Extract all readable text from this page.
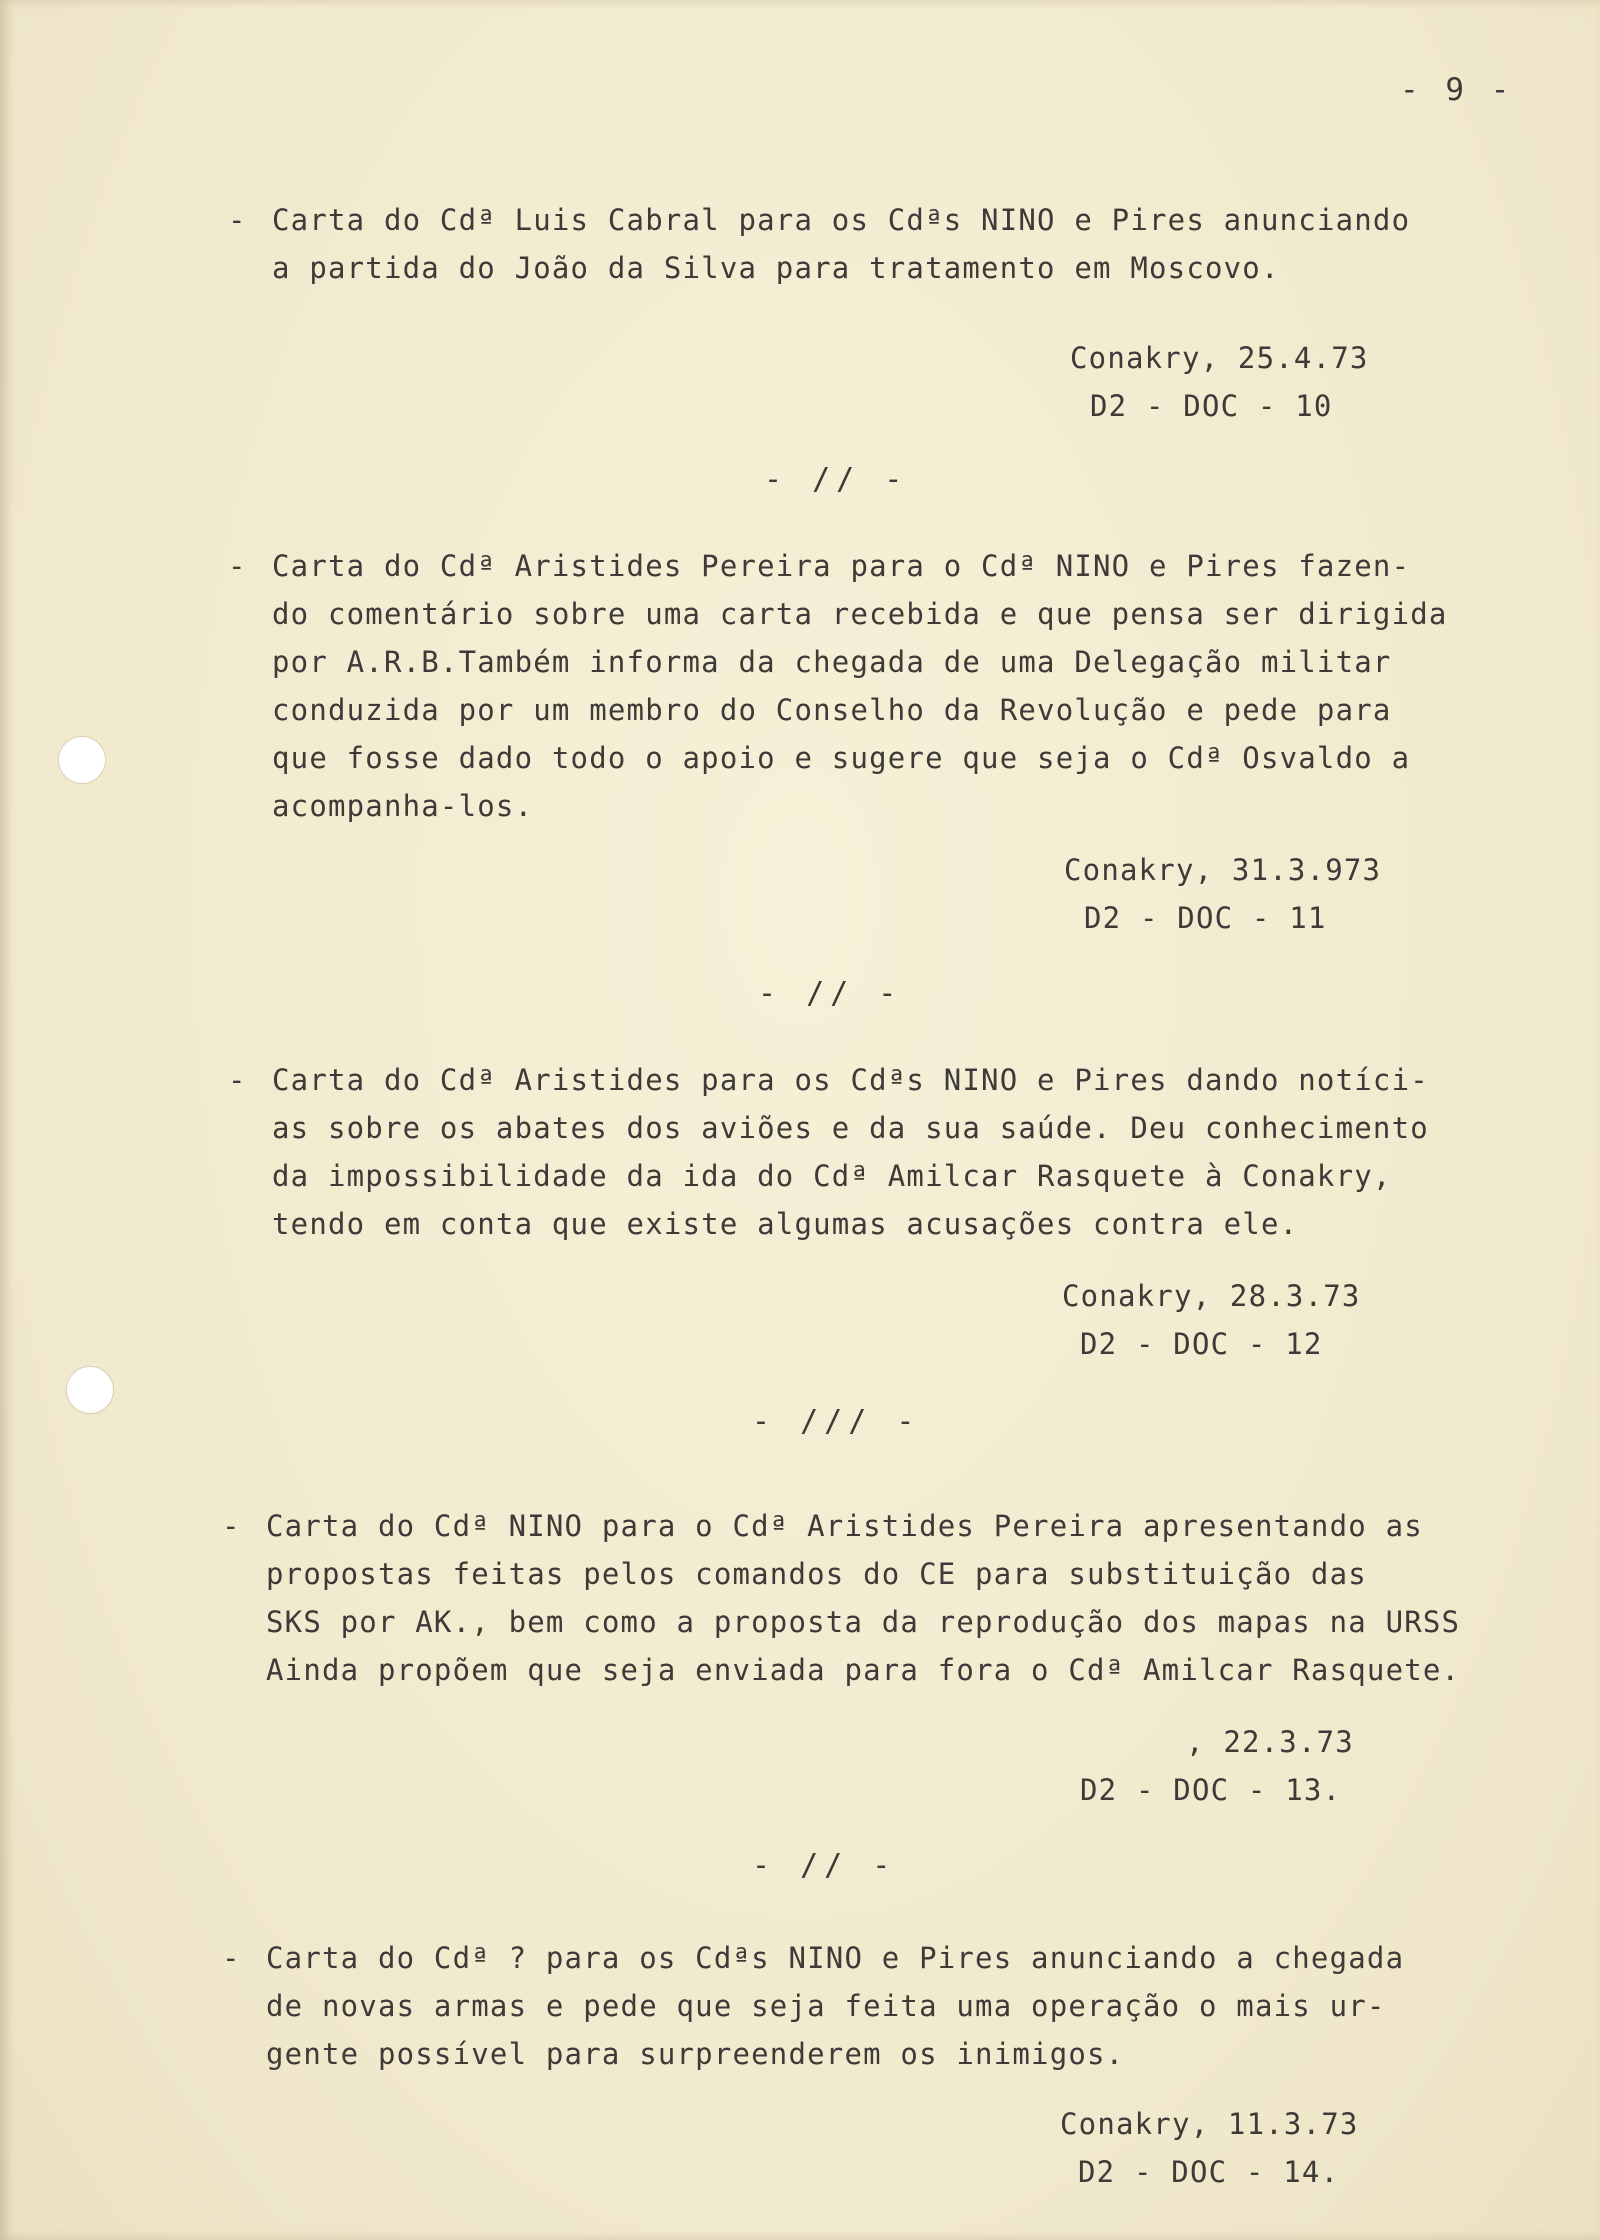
- 9 -
- Carta do Cdª Luis Cabral para os Cdªs NINO e Pires anunciando
a partida do João da Silva para tratamento em Moscovo.
Conakry, 25.4.73
D2 - DOC - 10
- // -
- Carta do Cdª Aristides Pereira para o Cdª NINO e Pires fazen-
do comentário sobre uma carta recebida e que pensa ser dirigida
por A.R.B.Também informa da chegada de uma Delegação militar
conduzida por um membro do Conselho da Revolução e pede para
que fosse dado todo o apoio e sugere que seja o Cdª Osvaldo a
acompanha-los.
Conakry, 31.3.973
D2 - DOC - 11
- // -
- Carta do Cdª Aristides para os Cdªs NINO e Pires dando notíci-
as sobre os abates dos aviões e da sua saúde. Deu conhecimento
da impossibilidade da ida do Cdª Amilcar Rasquete à Conakry,
tendo em conta que existe algumas acusações contra ele.
Conakry, 28.3.73
D2 - DOC - 12
- /// -
- Carta do Cdª NINO para o Cdª Aristides Pereira apresentando as
propostas feitas pelos comandos do CE para substituição das
SKS por AK., bem como a proposta da reprodução dos mapas na URSS
Ainda propõem que seja enviada para fora o Cdª Amilcar Rasquete.
, 22.3.73
D2 - DOC - 13.
- // -
- Carta do Cdª ? para os Cdªs NINO e Pires anunciando a chegada
de novas armas e pede que seja feita uma operação o mais ur-
gente possível para surpreenderem os inimigos.
Conakry, 11.3.73
D2 - DOC - 14.
